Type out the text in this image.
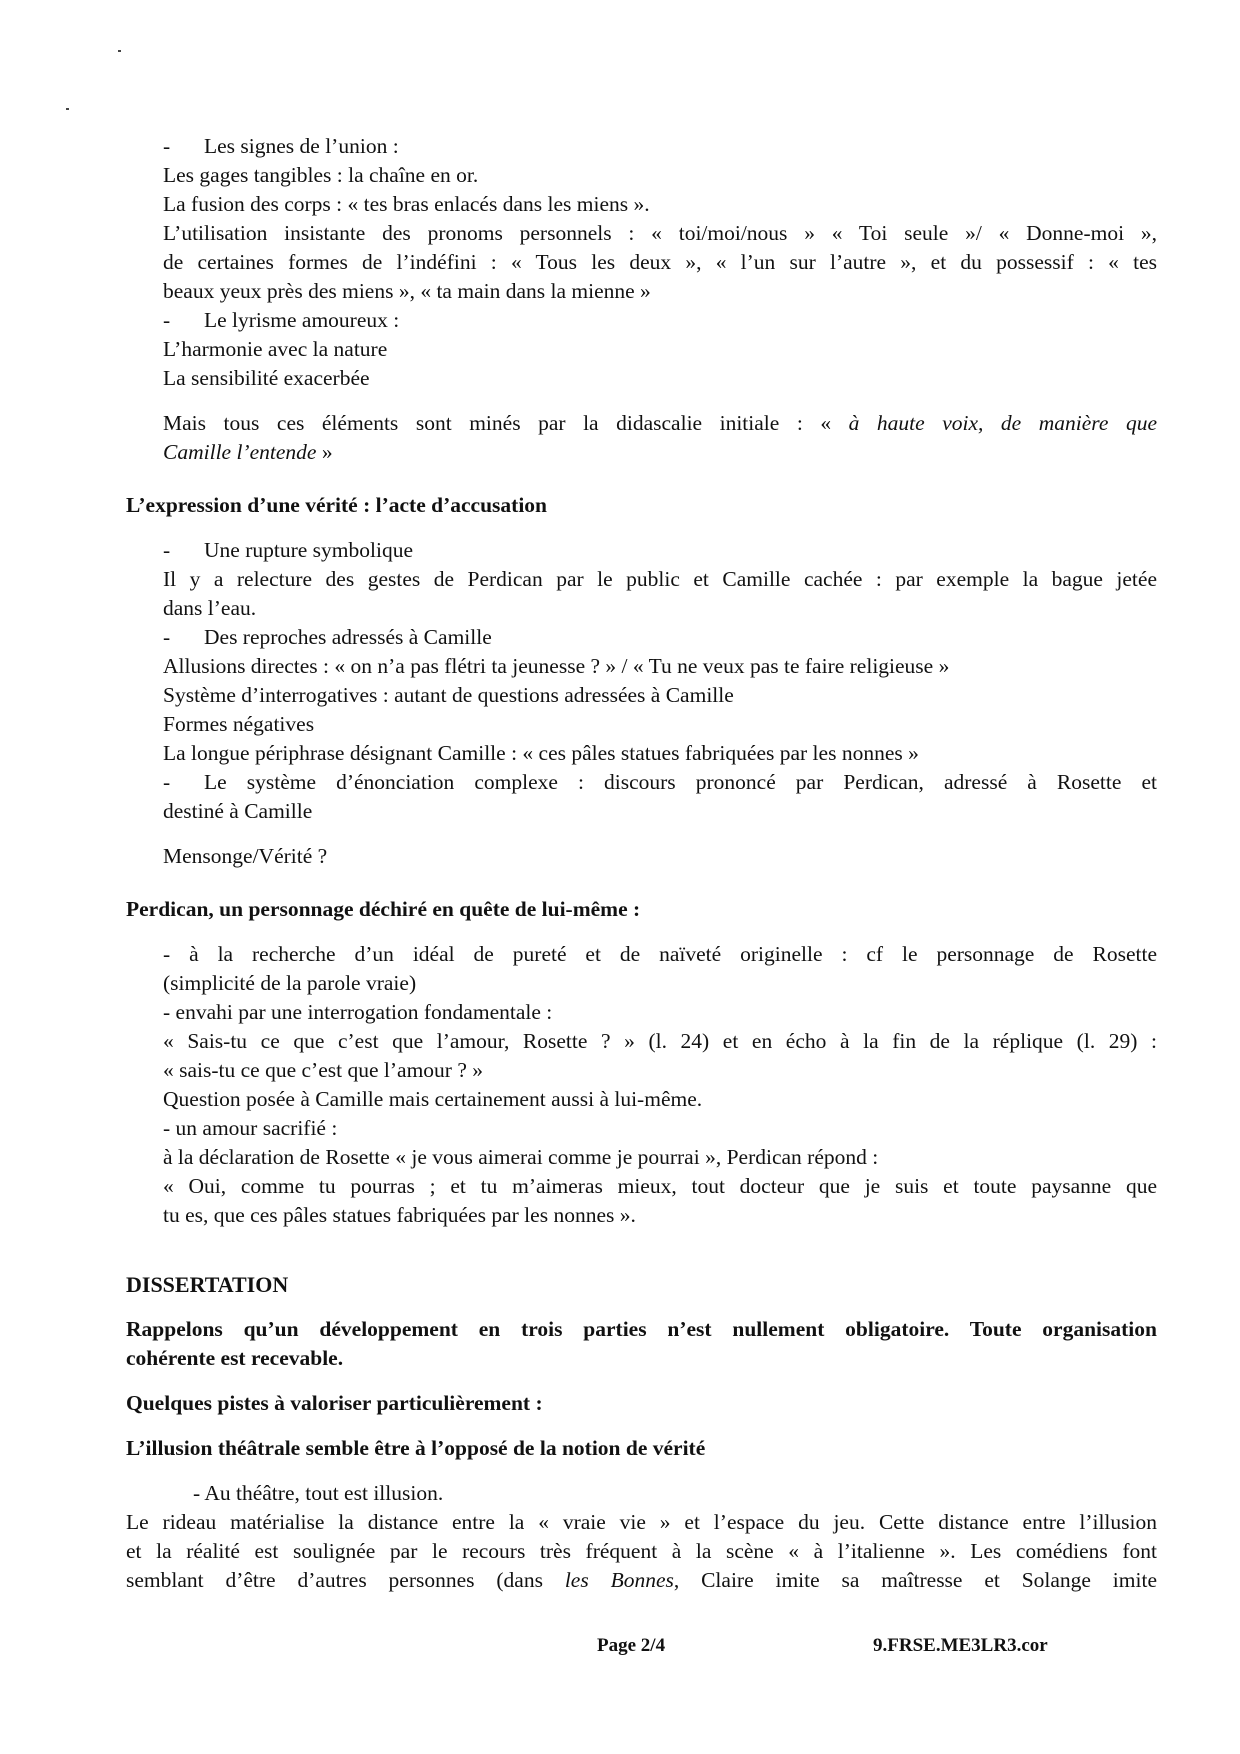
- Les signes de l’union :
Les gages tangibles : la chaîne en or.
La fusion des corps : « tes bras enlacés dans les miens ».
L’utilisation insistante des pronoms personnels : « toi/moi/nous » « Toi seule »/ « Donne-moi »,
de certaines formes de l’indéfini : « Tous les deux », « l’un sur l’autre », et du possessif : « tes
beaux yeux près des miens », « ta main dans la mienne »
- Le lyrisme amoureux :
L’harmonie avec la nature
La sensibilité exacerbée
Mais tous ces éléments sont minés par la didascalie initiale : « à haute voix, de manière que
Camille l’entende »
L’expression d’une vérité : l’acte d’accusation
- Une rupture symbolique
Il y a relecture des gestes de Perdican par le public et Camille cachée : par exemple la bague jetée
dans l’eau.
- Des reproches adressés à Camille
Allusions directes : « on n’a pas flétri ta jeunesse ? » / « Tu ne veux pas te faire religieuse »
Système d’interrogatives : autant de questions adressées à Camille
Formes négatives
La longue périphrase désignant Camille : « ces pâles statues fabriquées par les nonnes »
- Le système d’énonciation complexe : discours prononcé par Perdican, adressé à Rosette et
destiné à Camille
Mensonge/Vérité ?
Perdican, un personnage déchiré en quête de lui-même :
- à la recherche d’un idéal de pureté et de naïveté originelle : cf le personnage de Rosette
(simplicité de la parole vraie)
- envahi par une interrogation fondamentale :
« Sais-tu ce que c’est que l’amour, Rosette ? » (l. 24) et en écho à la fin de la réplique (l. 29) :
« sais-tu ce que c’est que l’amour ? »
Question posée à Camille mais certainement aussi à lui-même.
- un amour sacrifié :
à la déclaration de Rosette « je vous aimerai comme je pourrai », Perdican répond :
« Oui, comme tu pourras ; et tu m’aimeras mieux, tout docteur que je suis et toute paysanne que
tu es, que ces pâles statues fabriquées par les nonnes ».
DISSERTATION
Rappelons qu’un développement en trois parties n’est nullement obligatoire. Toute organisation
cohérente est recevable.
Quelques pistes à valoriser particulièrement :
L’illusion théâtrale semble être à l’opposé de la notion de vérité
- Au théâtre, tout est illusion.
Le rideau matérialise la distance entre la « vraie vie » et l’espace du jeu. Cette distance entre l’illusion
et la réalité est soulignée par le recours très fréquent à la scène « à l’italienne ». Les comédiens font
semblant d’être d’autres personnes (dans les Bonnes, Claire imite sa maîtresse et Solange imite
Page 2/4	9.FRSE.ME3LR3.cor
